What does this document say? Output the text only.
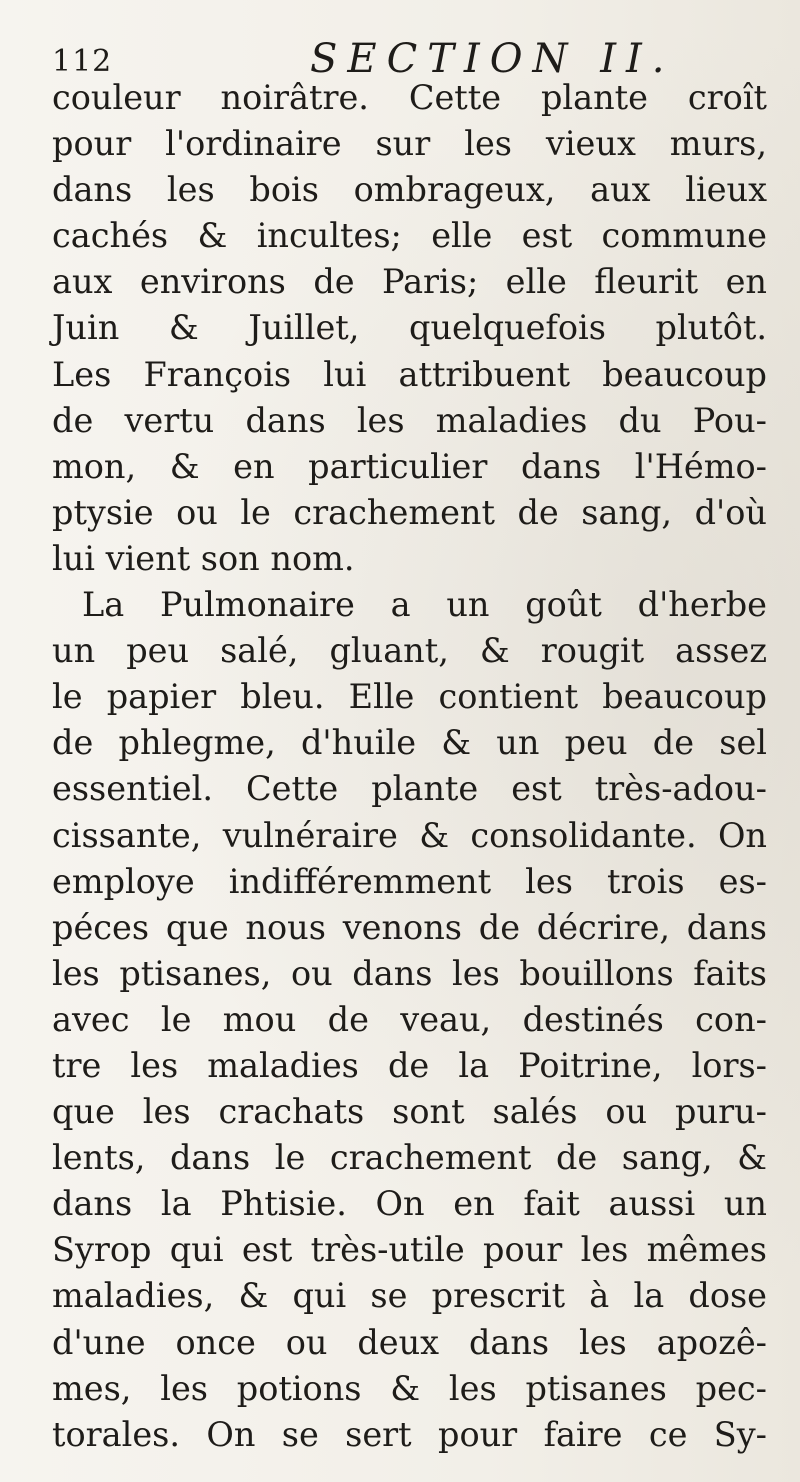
112	SECTION II.
couleur noirâtre. Cette plante croît
pour l'ordinaire sur les vieux murs,
dans les bois ombrageux, aux lieux
cachés & incultes; elle est commune
aux environs de Paris; elle fleurit en
Juin & Juillet, quelquefois plutôt.
Les François lui attribuent beaucoup
de vertu dans les maladies du Pou-
mon, & en particulier dans l'Hémo-
ptysie ou le crachement de sang, d'où
lui vient son nom.
La Pulmonaire a un goût d'herbe
un peu salé, gluant, & rougit assez
le papier bleu. Elle contient beaucoup
de phlegme, d'huile & un peu de sel
essentiel. Cette plante est très-adou-
cissante, vulnéraire & consolidante. On
employe indifféremment les trois es-
péces que nous venons de décrire, dans
les ptisanes, ou dans les bouillons faits
avec le mou de veau, destinés con-
tre les maladies de la Poitrine, lors-
que les crachats sont salés ou puru-
lents, dans le crachement de sang, &
dans la Phtisie. On en fait aussi un
Syrop qui est très-utile pour les mêmes
maladies, & qui se prescrit à la dose
d'une once ou deux dans les apozê-
mes, les potions & les ptisanes pec-
torales. On se sert pour faire ce Sy-
